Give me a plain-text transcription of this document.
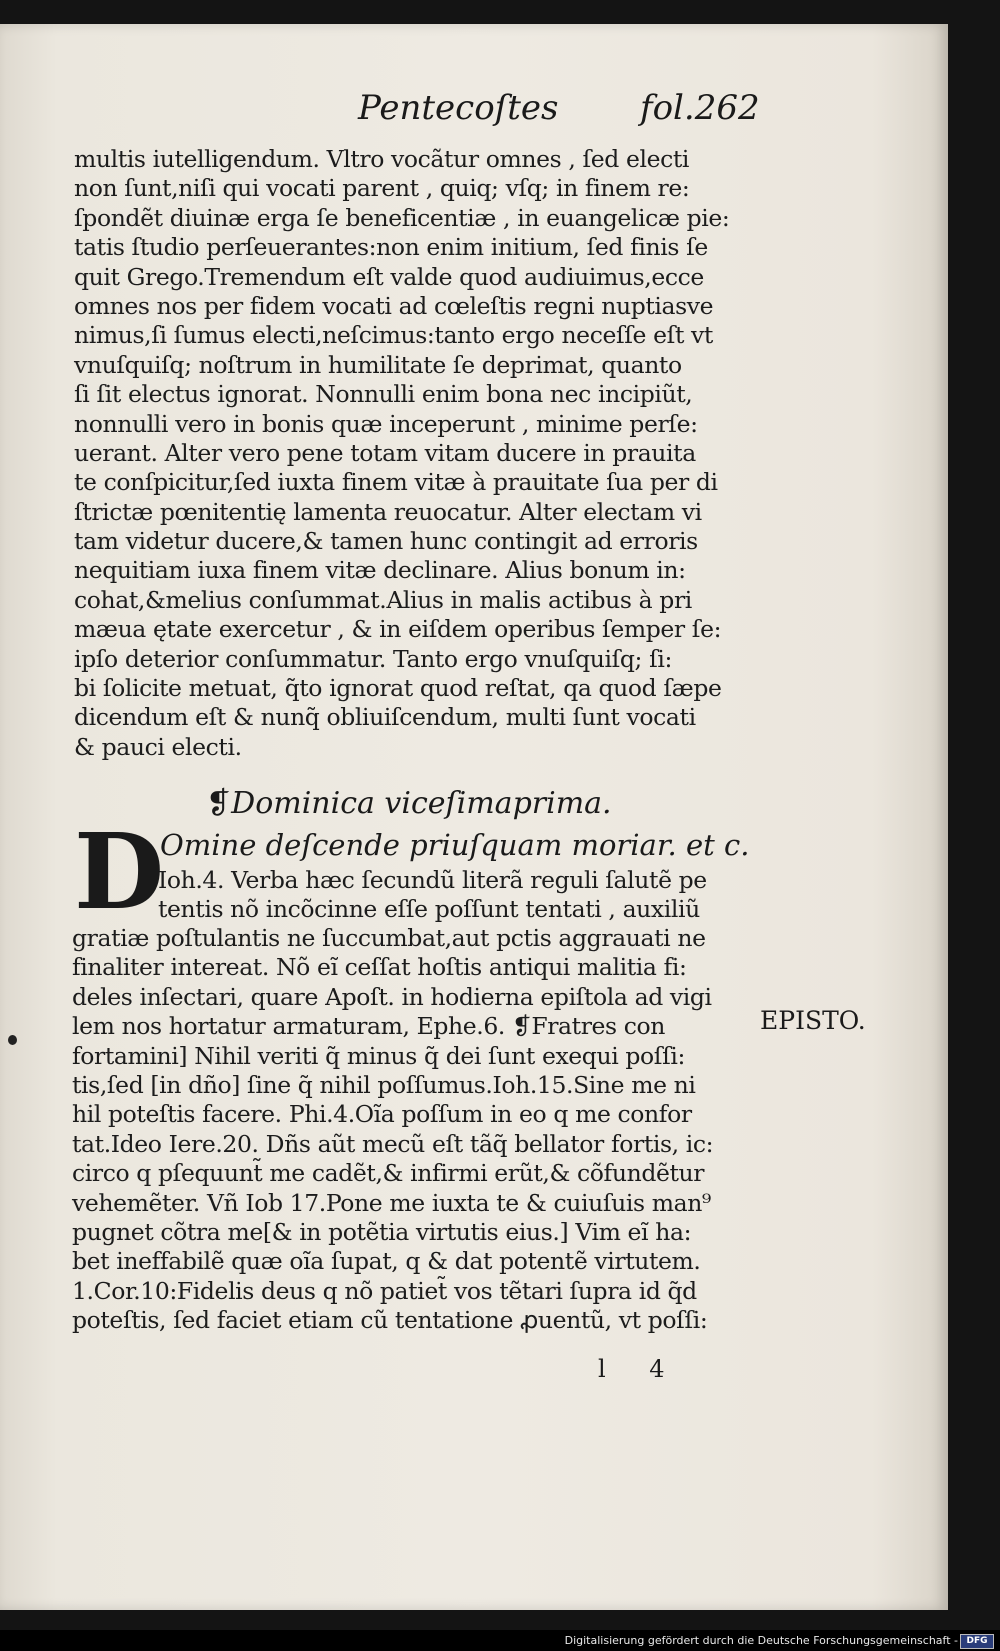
Pentecoſtes fol.262
multis iutelligendum. Vltro vocãtur omnes , ſed electi
non ſunt,niſi qui vocati parent , quiq; vſq; in finem re:
ſpondẽt diuinæ erga ſe beneficentiæ , in euangelicæ pie:
tatis ſtudio perſeuerantes:non enim initium, ſed finis ſe
quit Grego.Tremendum eſt valde quod audiuimus,ecce
omnes nos per fidem vocati ad cœleſtis regni nuptiasve
nimus,ſi ſumus electi,neſcimus:tanto ergo neceſſe eſt vt
vnuſquiſq; noſtrum in humilitate ſe deprimat, quanto
ſi ſit electus ignorat. Nonnulli enim bona nec incipiũt,
nonnulli vero in bonis quæ inceperunt , minime perſe:
uerant. Alter vero pene totam vitam ducere in prauita
te conſpicitur,ſed iuxta finem vitæ à prauitate ſua per di
ſtrictæ pœnitentię lamenta reuocatur. Alter electam vi
tam videtur ducere,& tamen hunc contingit ad erroris
nequitiam iuxa finem vitæ declinare. Alius bonum in:
cohat,&melius conſummat.Alius in malis actibus à pri
mæua ętate exercetur , & in eiſdem operibus ſemper ſe:
ipſo deterior conſummatur. Tanto ergo vnuſquiſq; ſi:
bi ſolicite metuat, q̃to ignorat quod reſtat, qa quod ſæpe
dicendum eſt & nunq̃ obliuiſcendum, multi ſunt vocati
& pauci electi.
❡Dominica viceſimaprima.
D
Omine deſcende priuſquam moriar. et c.
Ioh.4. Verba hæc ſecundũ literã reguli ſalutẽ pe
tentis nõ incõcinne eſſe poſſunt tentati , auxiliũ
gratiæ poſtulantis ne ſuccumbat,aut pctis aggrauati ne
finaliter intereat. Nõ eĩ ceſſat hoſtis antiqui malitia fi:
deles inſectari, quare Apoſt. in hodierna epiſtola ad vigi
lem nos hortatur armaturam, Ephe.6. ❡Fratres con
fortamini] Nihil veriti q̃ minus q̃ dei ſunt exequi poſſi:
tis,ſed [in dño] ſine q̃ nihil poſſumus.Ioh.15.Sine me ni
hil poteſtis facere. Phi.4.Oĩa poſſum in eo q me confor
tat.Ideo Iere.20. Dñs aũt mecũ eſt tãq̃ bellator fortis, ic:
circo q pſequunt̃ me cadẽt,& infirmi erũt,& cõfundẽtur
vehemẽter. Vñ Iob 17.Pone me iuxta te & cuiuſuis man⁹
pugnet cõtra me[& in potẽtia virtutis eius.] Vim eĩ ha:
bet ineffabilẽ quæ oĩa ſupat, q & dat potentẽ virtutem.
1.Cor.10:Fidelis deus q nõ patiet̃ vos tẽtari ſupra id q̃d
poteſtis, ſed faciet etiam cũ tentatione ꝓuentũ, vt poſſi:
EPISTO.
l 4
Digitalisierung gefördert durch die Deutsche Forschungsgemeinschaft - DFG
